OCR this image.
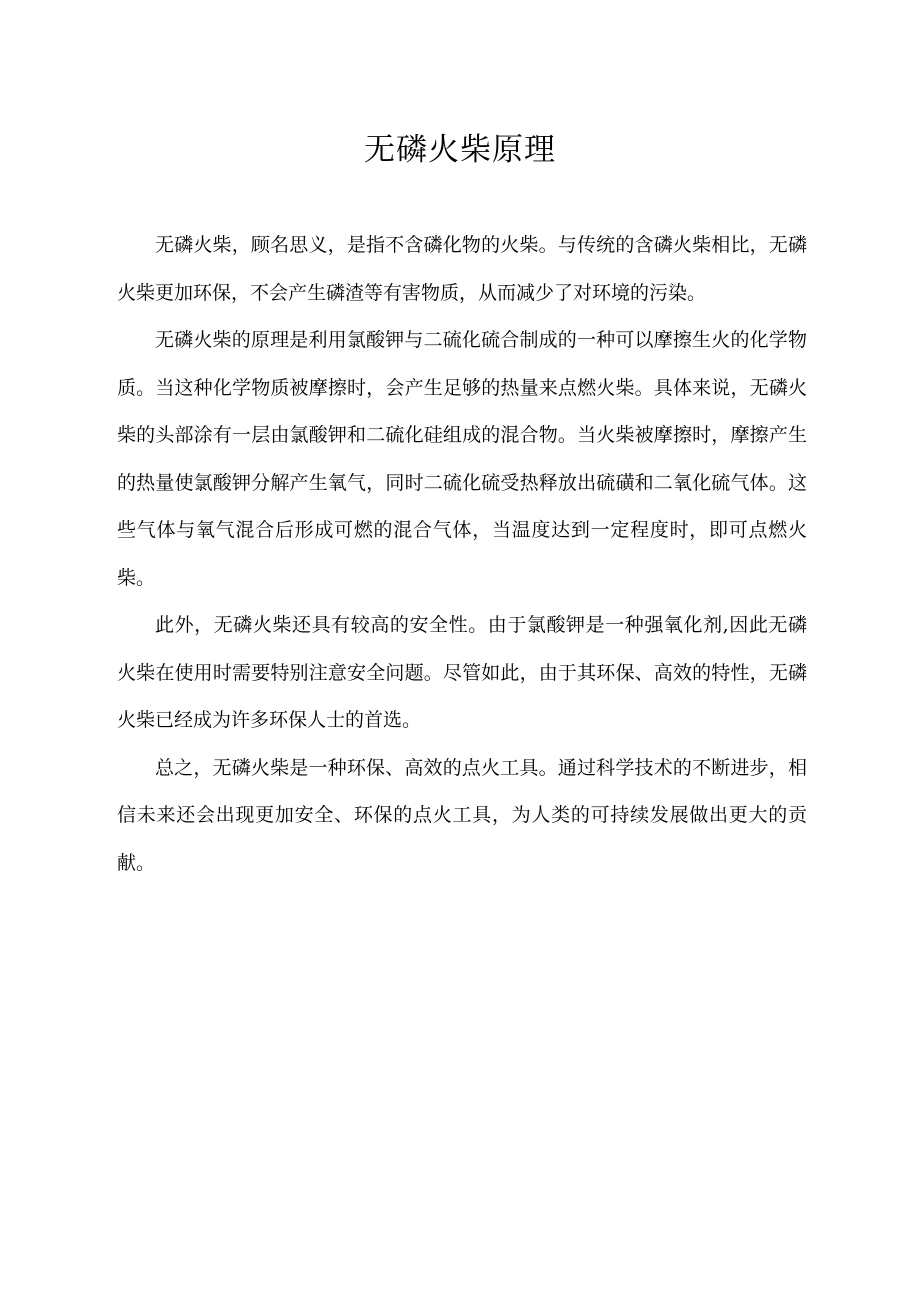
无磷火柴原理

无磷火柴，顾名思义，是指不含磷化物的火柴。与传统的含磷火柴相比，无磷火柴更加环保，不会产生磷渣等有害物质，从而减少了对环境的污染。

无磷火柴的原理是利用氯酸钾与二硫化硫合制成的一种可以摩擦生火的化学物质。当这种化学物质被摩擦时，会产生足够的热量来点燃火柴。具体来说，无磷火柴的头部涂有一层由氯酸钾和二硫化硅组成的混合物。当火柴被摩擦时，摩擦产生的热量使氯酸钾分解产生氧气，同时二硫化硫受热释放出硫磺和二氧化硫气体。这些气体与氧气混合后形成可燃的混合气体，当温度达到一定程度时，即可点燃火柴。

此外，无磷火柴还具有较高的安全性。由于氯酸钾是一种强氧化剂,因此无磷火柴在使用时需要特别注意安全问题。尽管如此，由于其环保、高效的特性，无磷火柴已经成为许多环保人士的首选。

总之，无磷火柴是一种环保、高效的点火工具。通过科学技术的不断进步，相信未来还会出现更加安全、环保的点火工具，为人类的可持续发展做出更大的贡献。
